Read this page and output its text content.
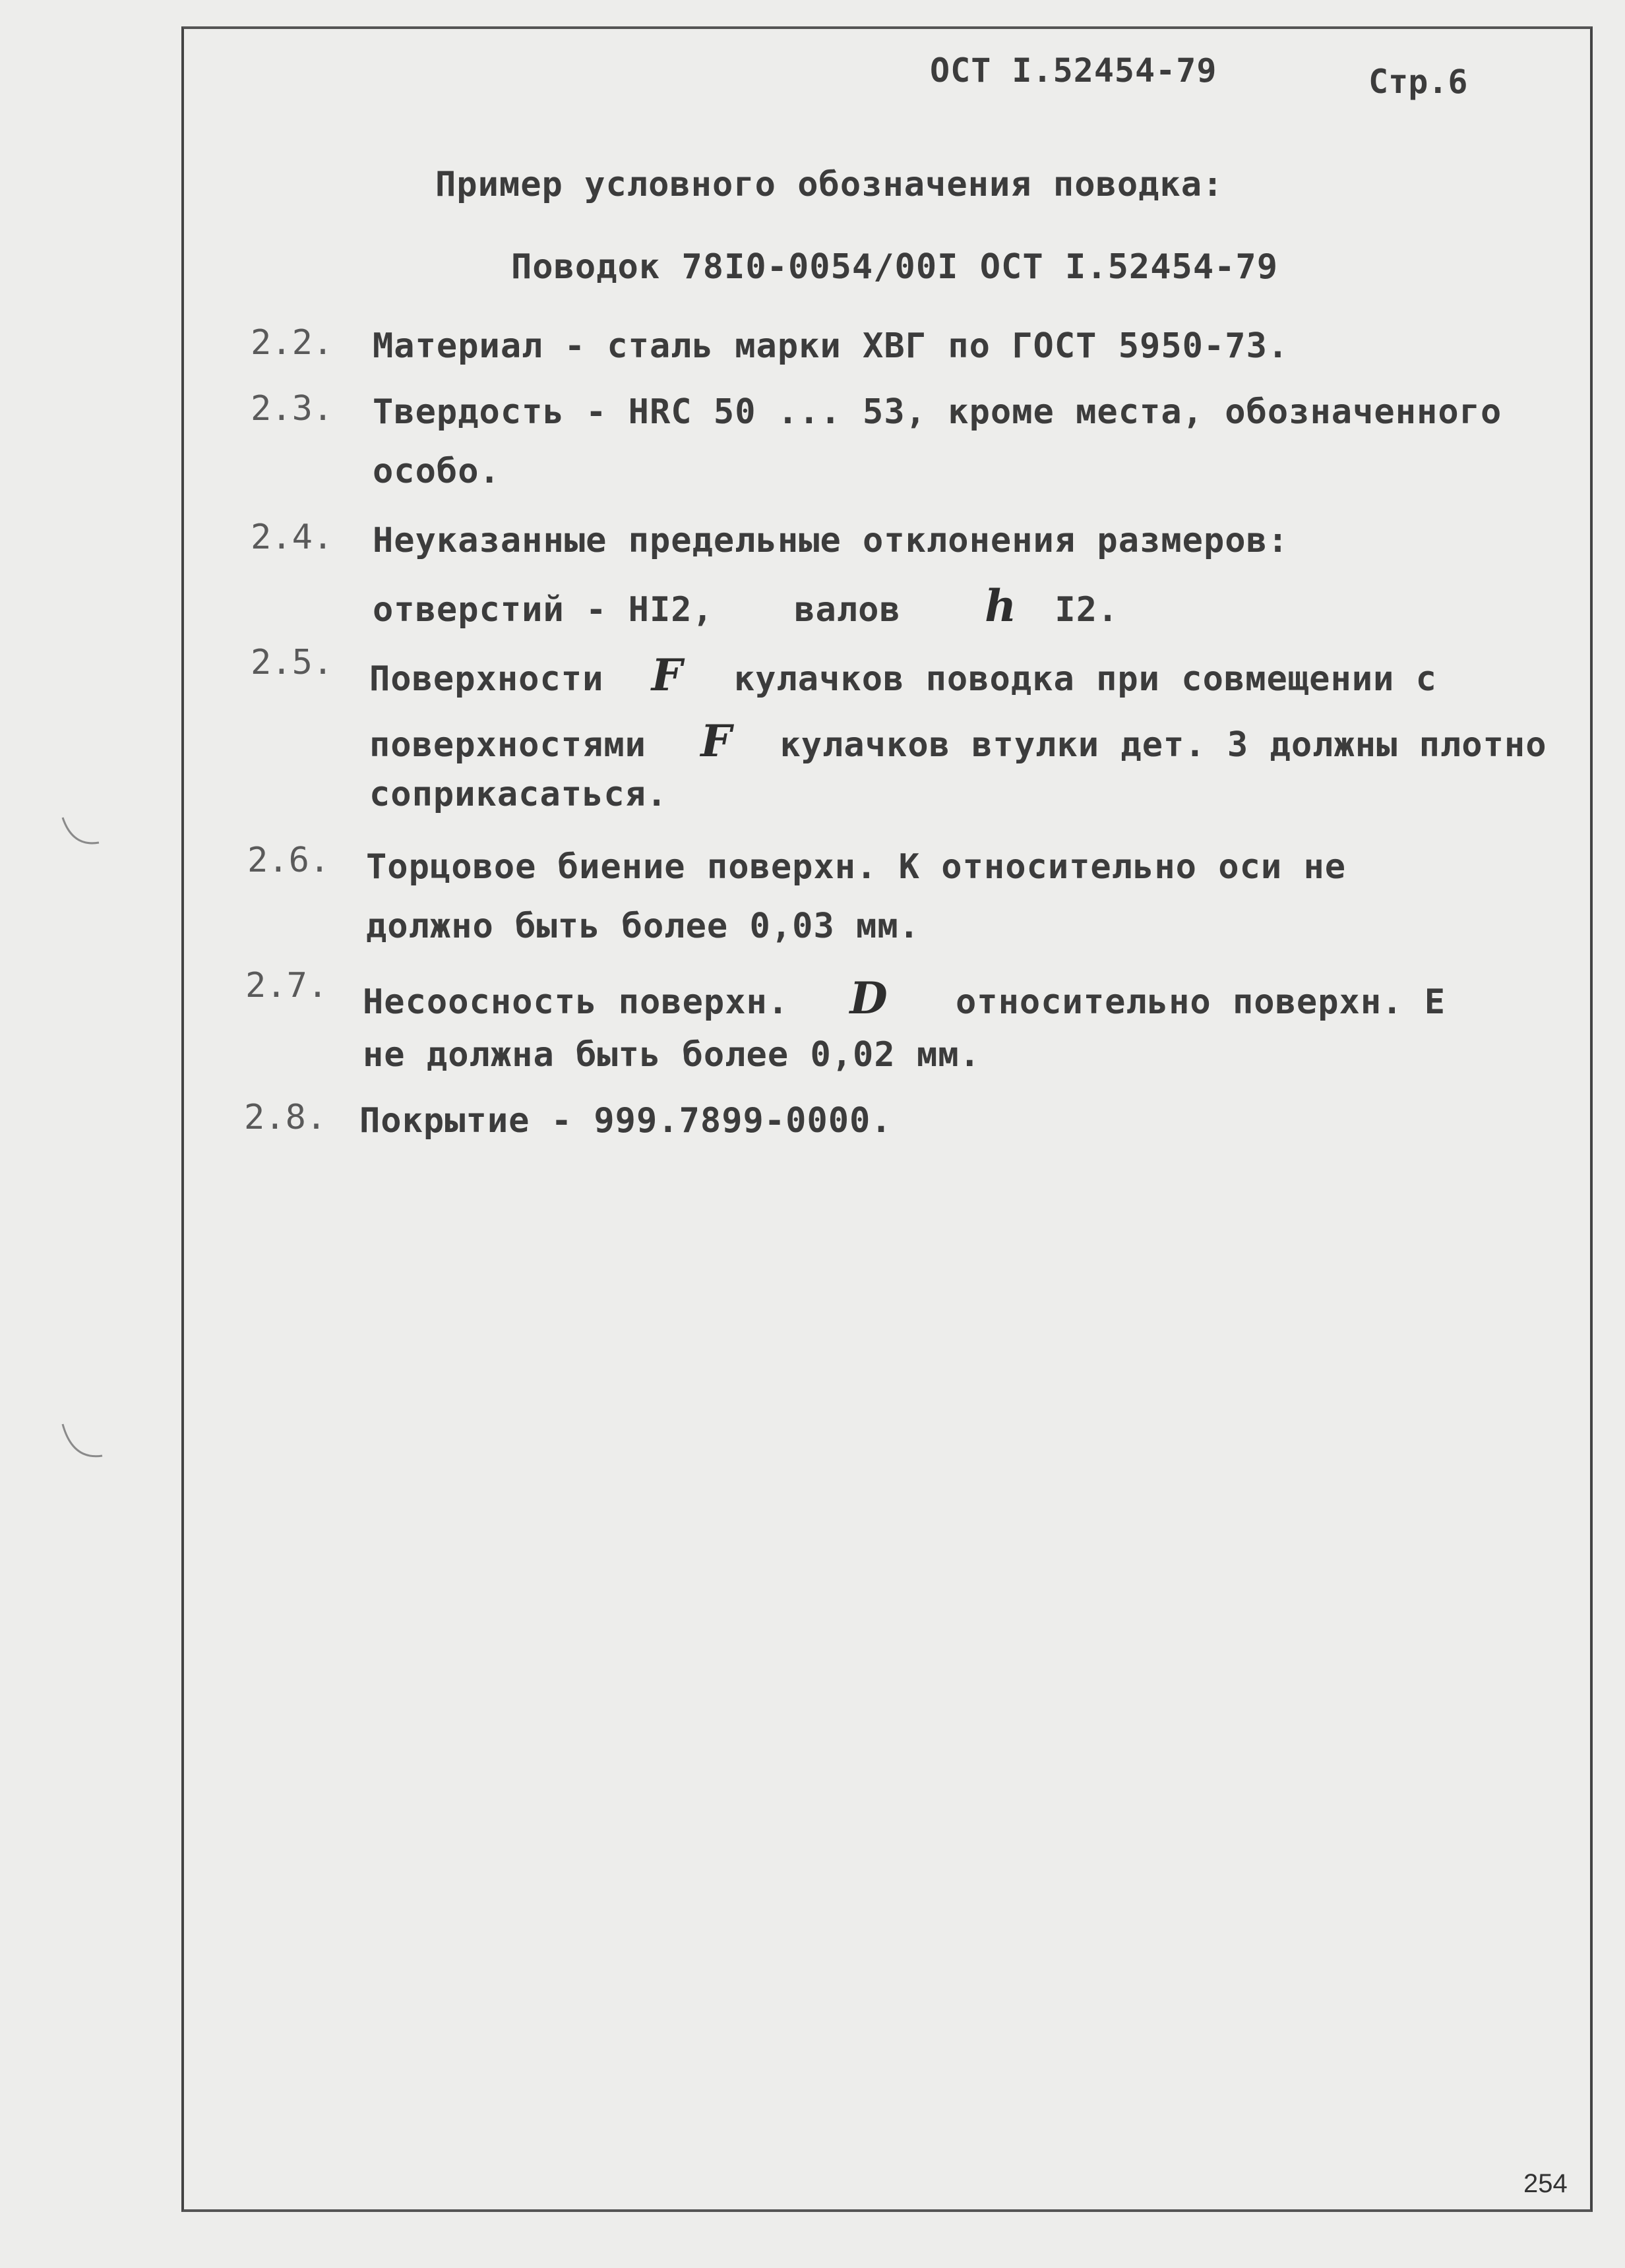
ОСТ I.52454-79	Стр.6
Пример условного обозначения поводка:
Поводок 78I0-0054/00I ОСТ I.52454-79
2.2. Материал - сталь марки ХВГ по ГОСТ 5950-73.
2.3. Твердость - HRC 50 ... 53, кроме места, обозначенного
особо.
2.4. Неуказанные предельные отклонения размеров:
отверстий - НI2, валов h I2.
2.5. Поверхности F кулачков поводка при совмещении с
поверхностями F кулачков втулки дет. 3 должны плотно
соприкасаться.
2.6. Торцовое биение поверхн. К относительно оси не
должно быть более 0,03 мм.
2.7. Несоосность поверхн. D относительно поверхн. Е
не должна быть более 0,02 мм.
2.8. Покрытие - 999.7899-0000.
254
